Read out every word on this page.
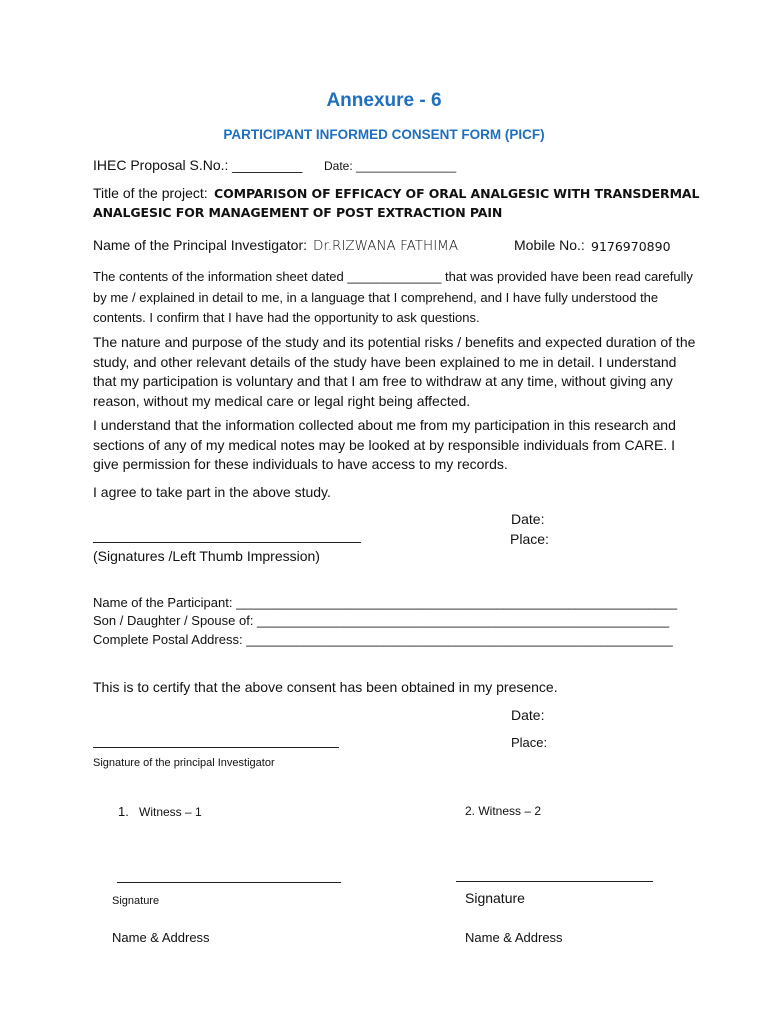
Annexure - 6
PARTICIPANT INFORMED CONSENT FORM (PICF)
IHEC Proposal S.No.: _________ Date: _______________
Title of the project: COMPARISON OF EFFICACY OF ORAL ANALGESIC WITH TRANSDERMAL
ANALGESIC FOR MANAGEMENT OF POST EXTRACTION PAIN
Name of the Principal Investigator: Dr.RIZWANA FATHIMA	Mobile No.: 9176970890
The contents of the information sheet dated _____________ that was provided have been read carefully by me / explained in detail to me, in a language that I comprehend, and I have fully understood the contents. I confirm that I have had the opportunity to ask questions.
The nature and purpose of the study and its potential risks / benefits and expected duration of the study, and other relevant details of the study have been explained to me in detail. I understand that my participation is voluntary and that I am free to withdraw at any time, without giving any reason, without my medical care or legal right being affected.
I understand that the information collected about me from my participation in this research and sections of any of my medical notes may be looked at by responsible individuals from CARE. I give permission for these individuals to have access to my records.
I agree to take part in the above study.
Date:
Place:
(Signatures /Left Thumb Impression)
Name of the Participant: _____________________________________________________________
Son / Daughter / Spouse of: _________________________________________________________
Complete Postal Address: ___________________________________________________________
This is to certify that the above consent has been obtained in my presence.
Date:
Place:
Signature of the principal Investigator
1. Witness – 1	2. Witness – 2
Signature	Signature
Name & Address	Name & Address
